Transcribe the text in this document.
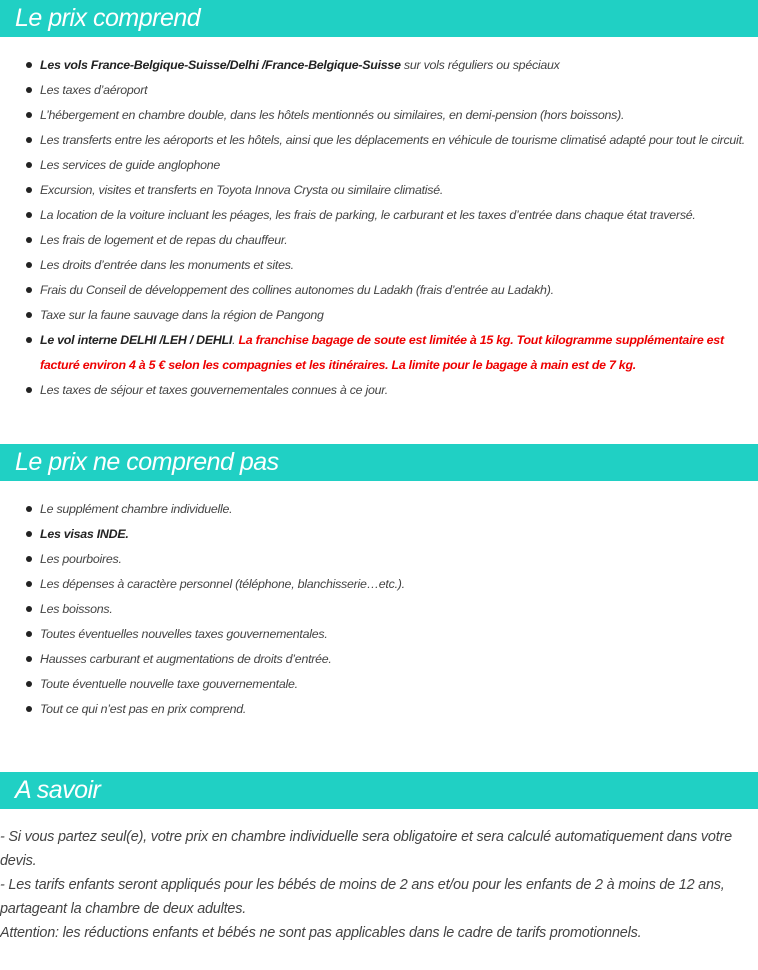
Le prix comprend
Les vols France-Belgique-Suisse/Delhi /France-Belgique-Suisse sur vols réguliers ou spéciaux
Les taxes d’aéroport
L’hébergement en chambre double, dans les hôtels mentionnés ou similaires, en demi-pension (hors boissons).
Les transferts entre les aéroports et les hôtels, ainsi que les déplacements en véhicule de tourisme climatisé adapté pour tout le circuit.
Les services de guide anglophone
Excursion, visites et transferts en Toyota Innova Crysta ou similaire climatisé.
La location de la voiture incluant les péages, les frais de parking, le carburant et les taxes d’entrée dans chaque état traversé.
Les frais de logement et de repas du chauffeur.
Les droits d’entrée dans les monuments et sites.
Frais du Conseil de développement des collines autonomes du Ladakh (frais d’entrée au Ladakh).
Taxe sur la faune sauvage dans la région de Pangong
Le vol interne DELHI /LEH / DEHLI. La franchise bagage de soute est limitée à 15 kg. Tout kilogramme supplémentaire est facturé environ 4 à 5 € selon les compagnies et les itinéraires. La limite pour le bagage à main est de 7 kg.
Les taxes de séjour et taxes gouvernementales connues à ce jour.
Le prix ne comprend pas
Le supplément chambre individuelle.
Les visas INDE.
Les pourboires.
Les dépenses à caractère personnel (téléphone, blanchisserie…etc.).
Les boissons.
Toutes éventuelles nouvelles taxes gouvernementales.
Hausses carburant et augmentations de droits d’entrée.
Toute éventuelle nouvelle taxe gouvernementale.
Tout ce qui n’est pas en prix comprend.
A savoir

- Si vous partez seul(e), votre prix en chambre individuelle sera obligatoire et sera calculé automatiquement dans votre devis.

- Les tarifs enfants seront appliqués pour les bébés de moins de 2 ans et/ou pour les enfants de 2 à moins de 12 ans, partageant la chambre de deux adultes.

Attention: les réductions enfants et bébés ne sont pas applicables dans le cadre de tarifs promotionnels.
